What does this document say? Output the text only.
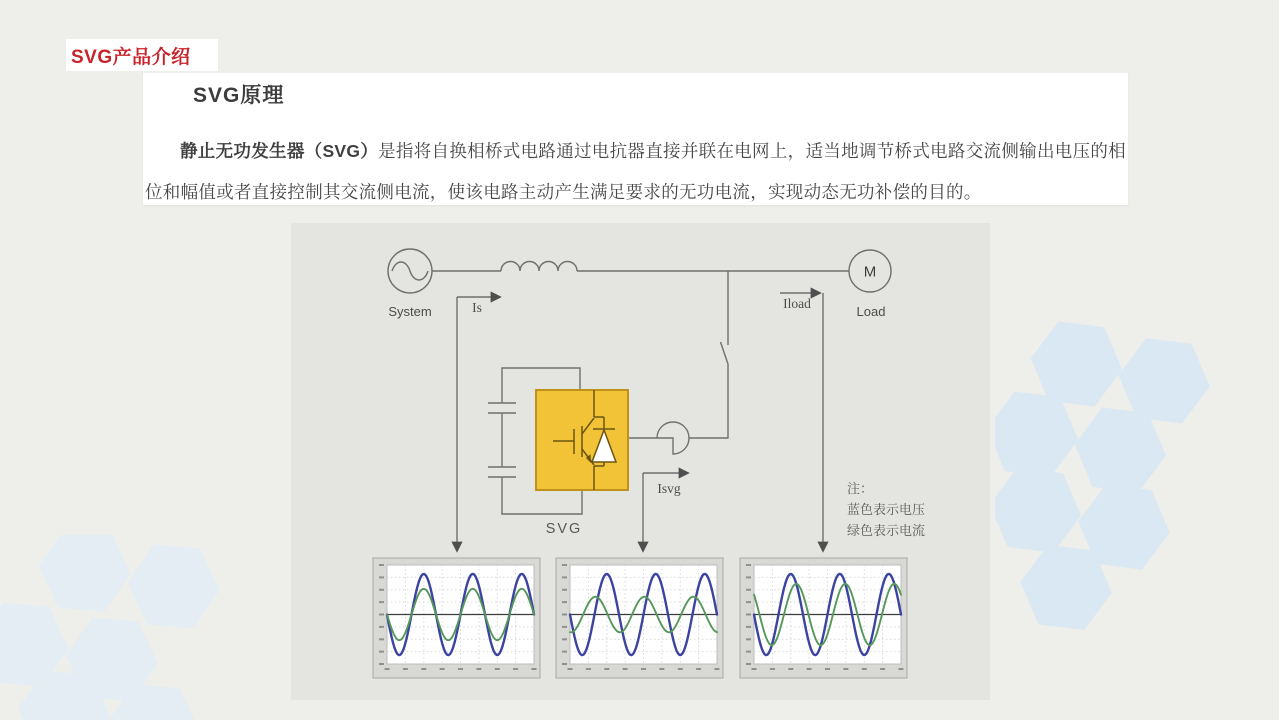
SVG产品介绍
SVG原理

静止无功发生器（SVG）是指将自换相桥式电路通过电抗器直接并联在电网上，适当地调节桥式电路交流侧输出电压的相位和幅值或者直接控制其交流侧电流，使该电路主动产生满足要求的无功电流，实现动态无功补偿的目的。

System
M
Load
Is	Iload
Isvg
SVG
注：
蓝色表示电压
绿色表示电流
